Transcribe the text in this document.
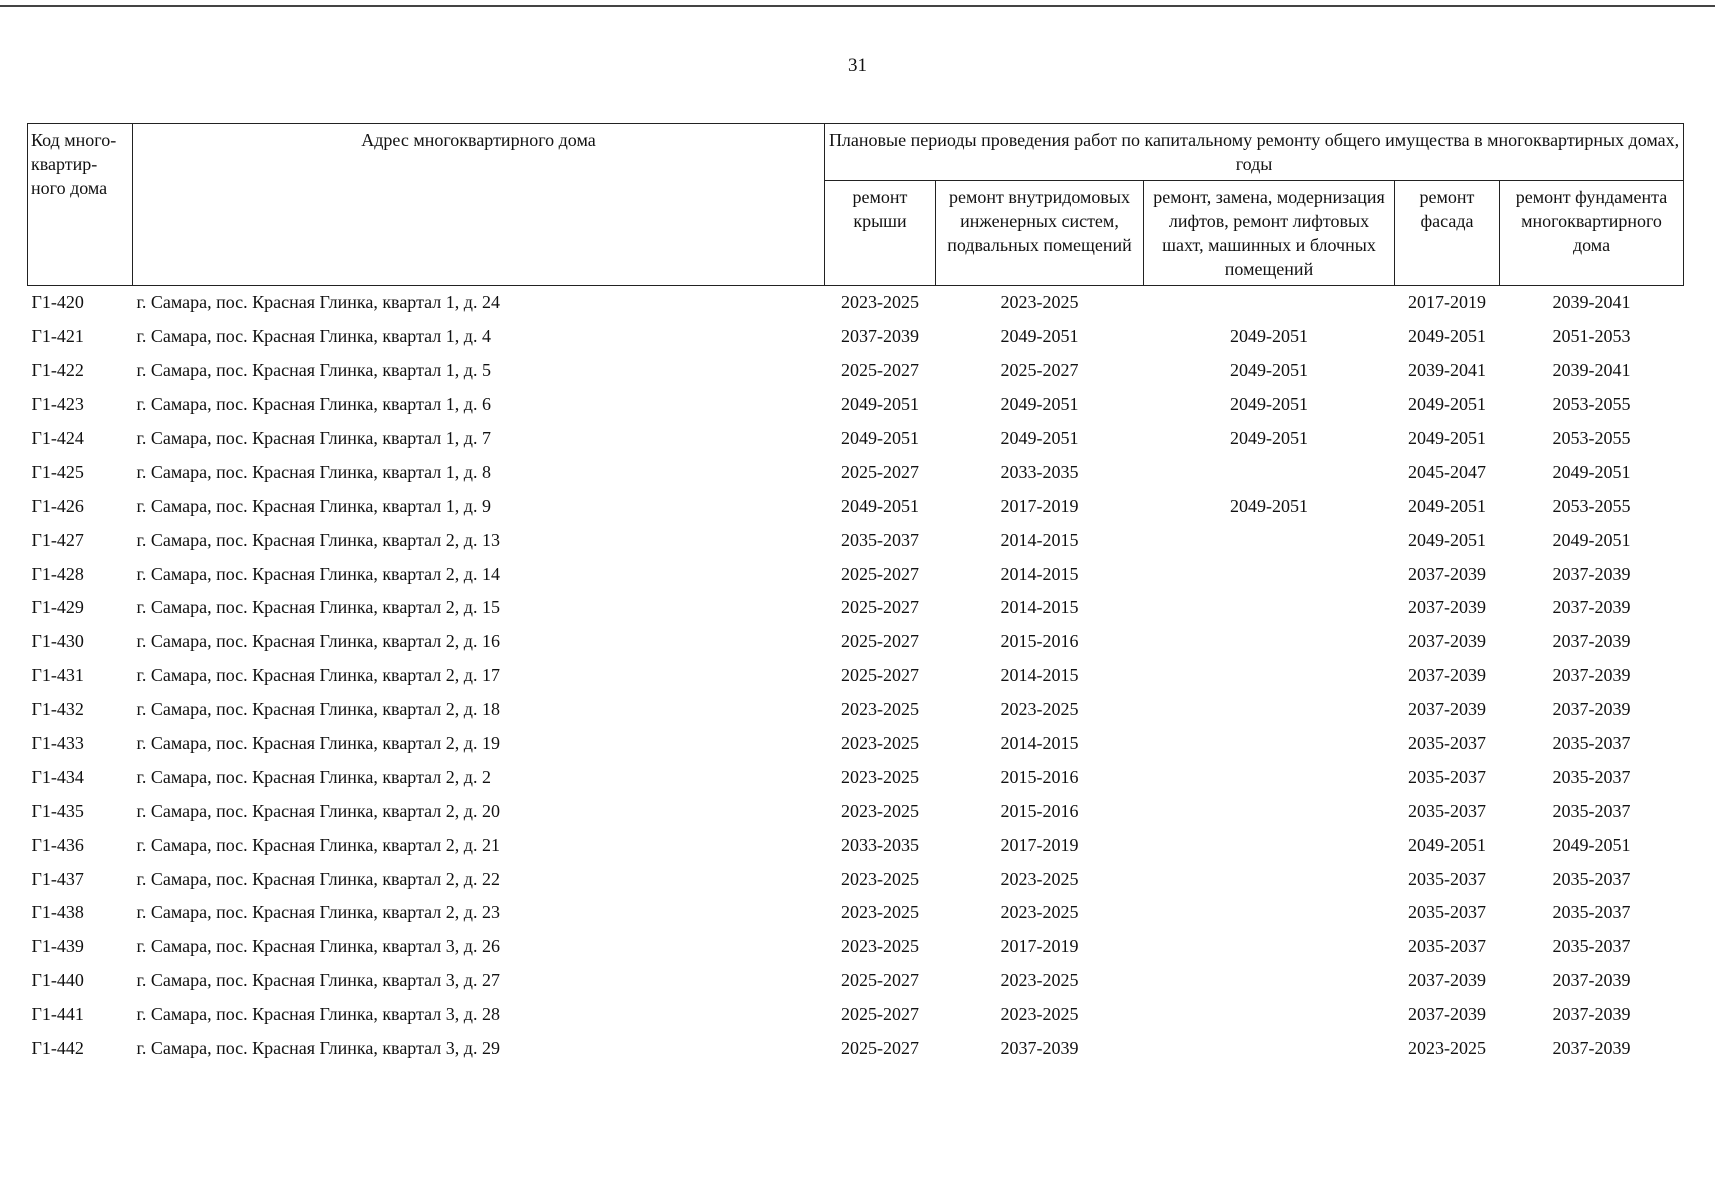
31
Код много-квартир-ного дома	Адрес многоквартирного дома	Плановые периоды проведения работ по капитальному ремонту общего имущества в многоквартирных домах, годы				
		ремонт крыши	ремонт внутридомовых инженерных систем, подвальных помещений	ремонт, замена, модернизация лифтов, ремонт лифтовых шахт, машинных и блочных помещений	ремонт фасада	ремонт фундамента многоквартирного дома
Г1-420	г. Самара, пос. Красная Глинка, квартал 1, д. 24	2023-2025	2023-2025		2017-2019	2039-2041
Г1-421	г. Самара, пос. Красная Глинка, квартал 1, д. 4	2037-2039	2049-2051	2049-2051	2049-2051	2051-2053
Г1-422	г. Самара, пос. Красная Глинка, квартал 1, д. 5	2025-2027	2025-2027	2049-2051	2039-2041	2039-2041
Г1-423	г. Самара, пос. Красная Глинка, квартал 1, д. 6	2049-2051	2049-2051	2049-2051	2049-2051	2053-2055
Г1-424	г. Самара, пос. Красная Глинка, квартал 1, д. 7	2049-2051	2049-2051	2049-2051	2049-2051	2053-2055
Г1-425	г. Самара, пос. Красная Глинка, квартал 1, д. 8	2025-2027	2033-2035		2045-2047	2049-2051
Г1-426	г. Самара, пос. Красная Глинка, квартал 1, д. 9	2049-2051	2017-2019	2049-2051	2049-2051	2053-2055
Г1-427	г. Самара, пос. Красная Глинка, квартал 2, д. 13	2035-2037	2014-2015		2049-2051	2049-2051
Г1-428	г. Самара, пос. Красная Глинка, квартал 2, д. 14	2025-2027	2014-2015		2037-2039	2037-2039
Г1-429	г. Самара, пос. Красная Глинка, квартал 2, д. 15	2025-2027	2014-2015		2037-2039	2037-2039
Г1-430	г. Самара, пос. Красная Глинка, квартал 2, д. 16	2025-2027	2015-2016		2037-2039	2037-2039
Г1-431	г. Самара, пос. Красная Глинка, квартал 2, д. 17	2025-2027	2014-2015		2037-2039	2037-2039
Г1-432	г. Самара, пос. Красная Глинка, квартал 2, д. 18	2023-2025	2023-2025		2037-2039	2037-2039
Г1-433	г. Самара, пос. Красная Глинка, квартал 2, д. 19	2023-2025	2014-2015		2035-2037	2035-2037
Г1-434	г. Самара, пос. Красная Глинка, квартал 2, д. 2	2023-2025	2015-2016		2035-2037	2035-2037
Г1-435	г. Самара, пос. Красная Глинка, квартал 2, д. 20	2023-2025	2015-2016		2035-2037	2035-2037
Г1-436	г. Самара, пос. Красная Глинка, квартал 2, д. 21	2033-2035	2017-2019		2049-2051	2049-2051
Г1-437	г. Самара, пос. Красная Глинка, квартал 2, д. 22	2023-2025	2023-2025		2035-2037	2035-2037
Г1-438	г. Самара, пос. Красная Глинка, квартал 2, д. 23	2023-2025	2023-2025		2035-2037	2035-2037
Г1-439	г. Самара, пос. Красная Глинка, квартал 3, д. 26	2023-2025	2017-2019		2035-2037	2035-2037
Г1-440	г. Самара, пос. Красная Глинка, квартал 3, д. 27	2025-2027	2023-2025		2037-2039	2037-2039
Г1-441	г. Самара, пос. Красная Глинка, квартал 3, д. 28	2025-2027	2023-2025		2037-2039	2037-2039
Г1-442	г. Самара, пос. Красная Глинка, квартал 3, д. 29	2025-2027	2037-2039		2023-2025	2037-2039
